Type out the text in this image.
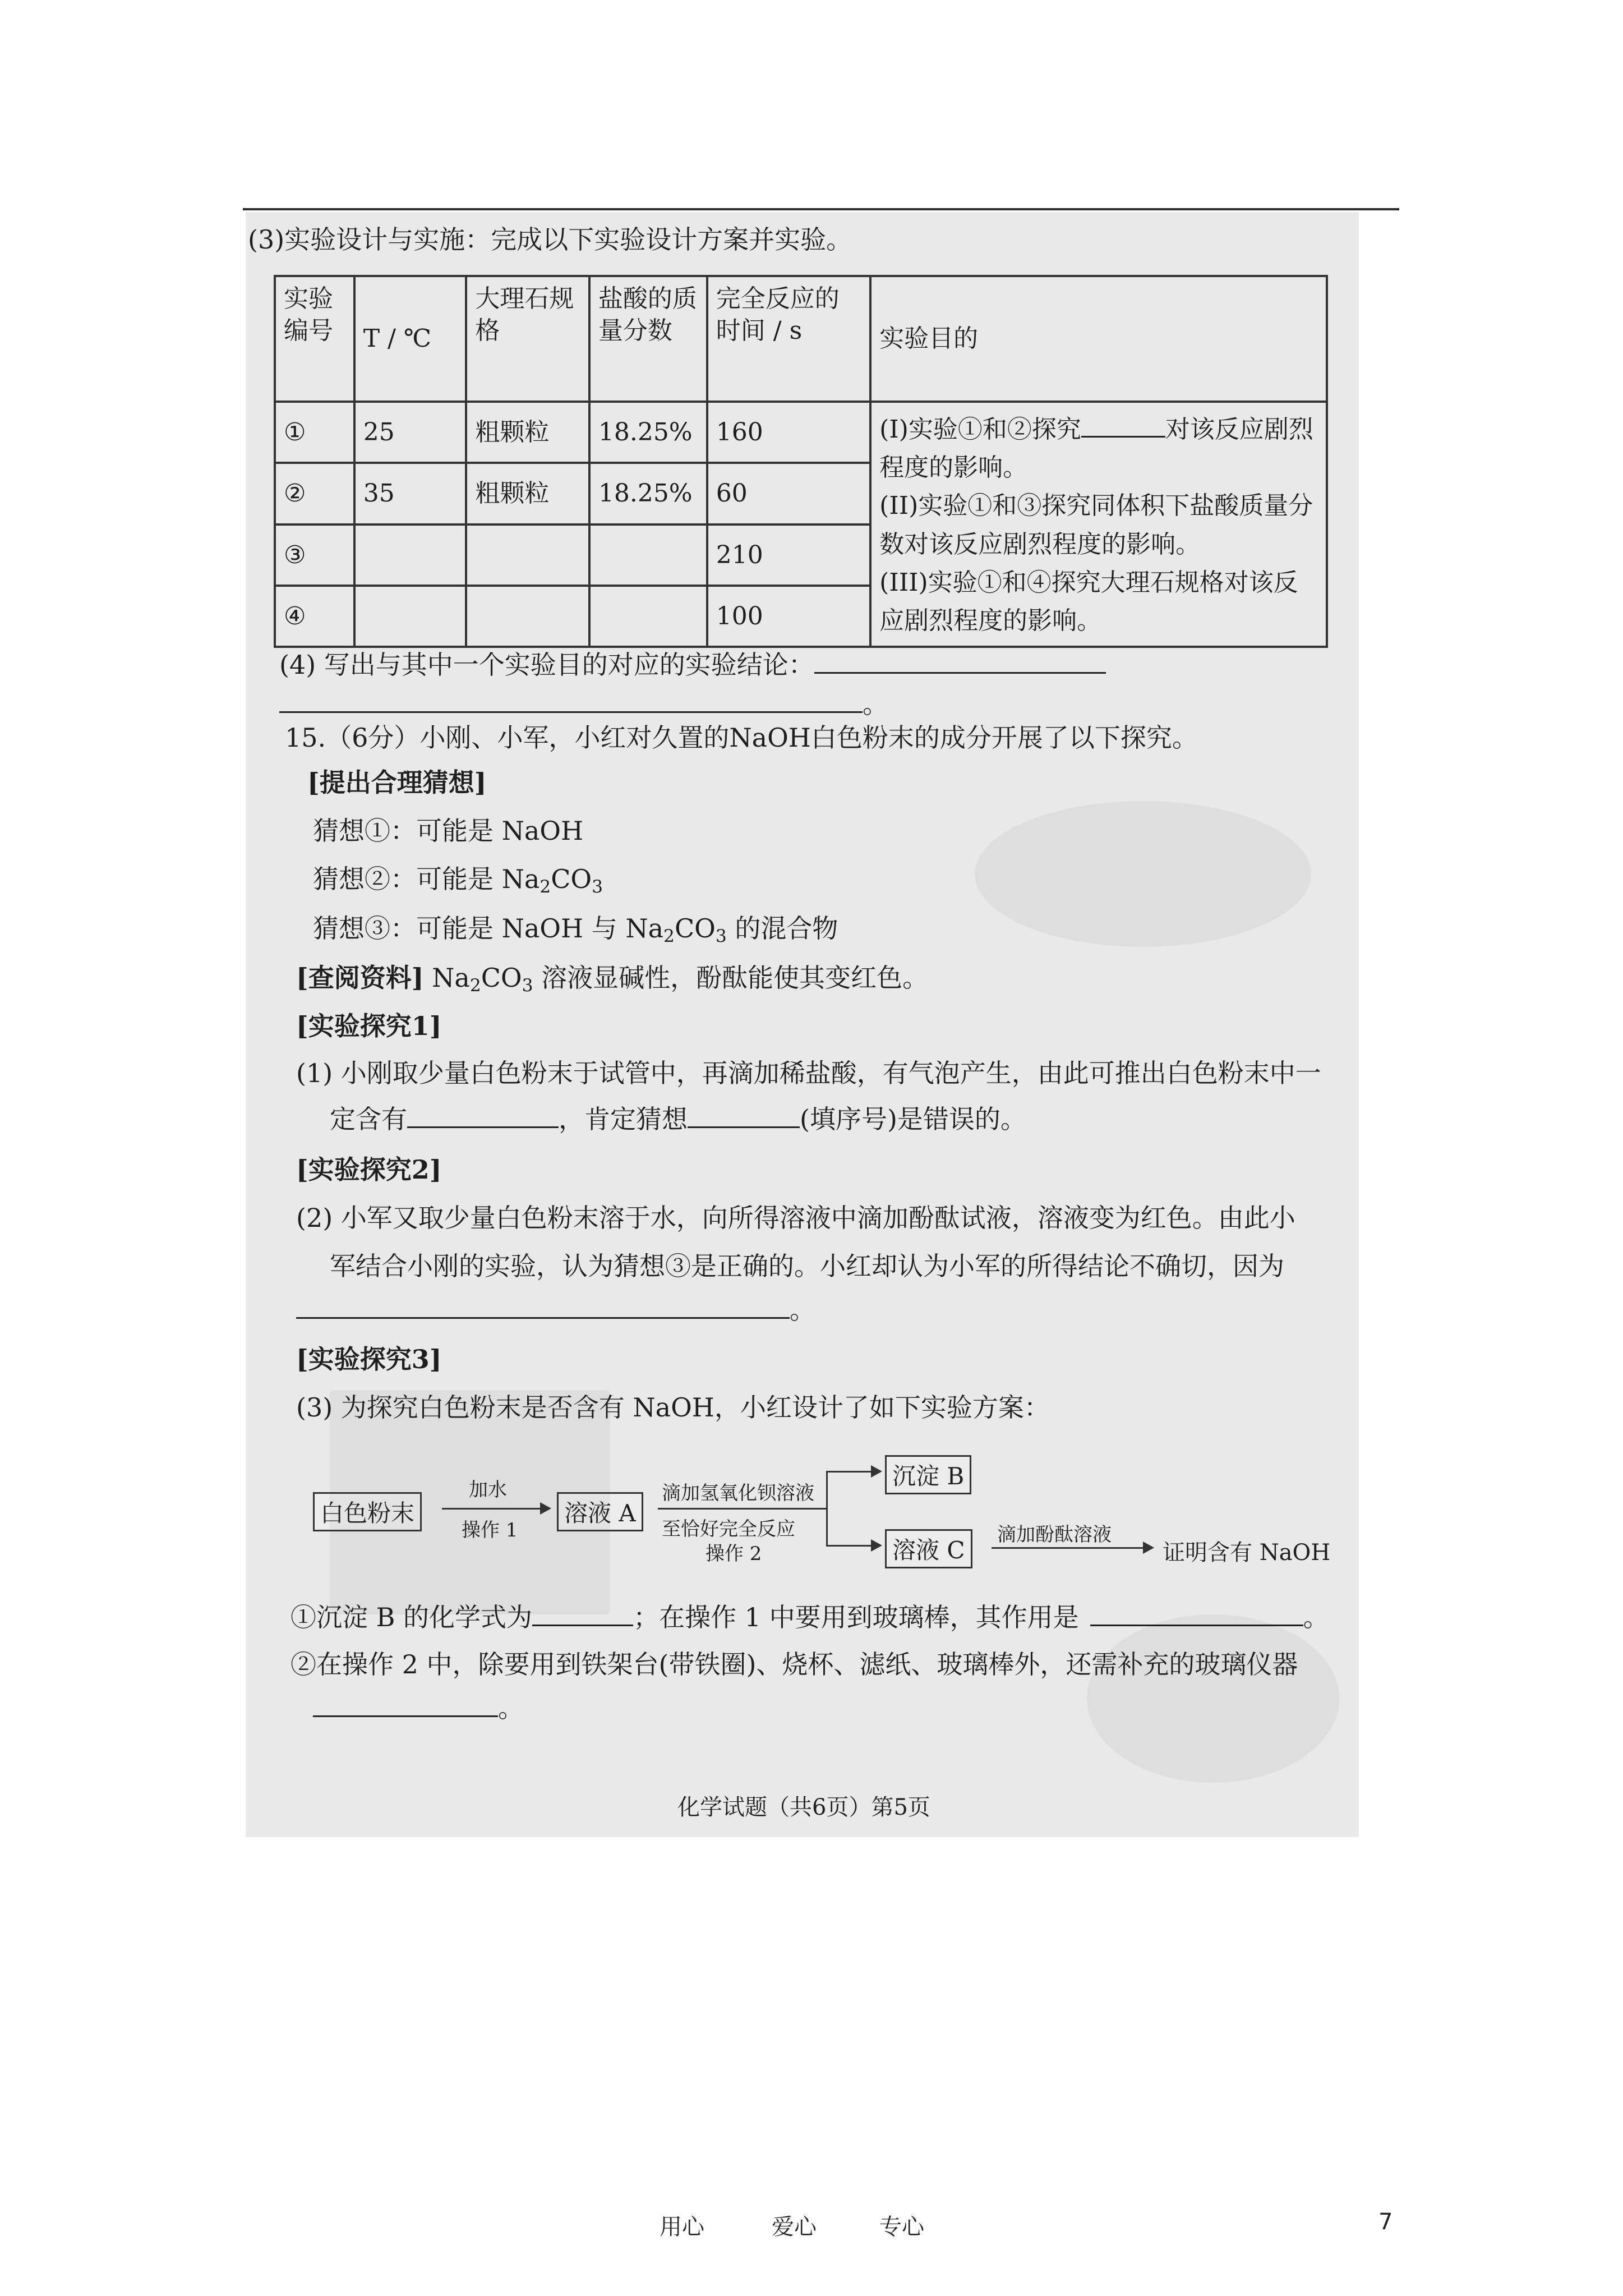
(3)实验设计与实施：完成以下实验设计方案并实验。
实验编号	T / ℃	大理石规格	盐酸的质量分数	完全反应的时间 / s	实验目的
①	25	粗颗粒	18.25%	160	(I)实验①和②探究 对该反应剧烈程度的影响。
(II)实验①和③探究同体积下盐酸质量分数对该反应剧烈程度的影响。
(III)实验①和④探究大理石规格对该反应剧烈程度的影响。
②	35	粗颗粒	18.25%	60	
③				210	
④				100	
(4) 写出与其中一个实验目的对应的实验结论：
。
15.（6分）小刚、小军，小红对久置的NaOH白色粉末的成分开展了以下探究。
[提出合理猜想]
猜想①：可能是 NaOH
猜想②：可能是 $Na_2CO_3$
猜想③：可能是 NaOH 与 $Na_2CO_3$ 的混合物
[查阅资料] $Na_2CO_3$ 溶液显碱性，酚酞能使其变红色。
[实验探究1]
(1) 小刚取少量白色粉末于试管中，再滴加稀盐酸，有气泡产生，由此可推出白色粉末中一
定含有	，肯定猜想	(填序号)是错误的。
[实验探究2]
(2) 小军又取少量白色粉末溶于水，向所得溶液中滴加酚酞试液，溶液变为红色。由此小
军结合小刚的实验，认为猜想③是正确的。小红却认为小军的所得结论不确切，因为
。
[实验探究3]
(3) 为探究白色粉末是否含有 NaOH，小红设计了如下实验方案：
白色粉末
加水
操作 1
溶液 A
滴加氢氧化钡溶液
至恰好完全反应
操作 2
沉淀 B
溶液 C
滴加酚酞溶液
证明含有 NaOH
①沉淀 B 的化学式为	；在操作 1 中要用到玻璃棒，其作用是	。
②在操作 2 中，除要用到铁架台(带铁圈)、烧杯、滤纸、玻璃棒外，还需补充的玻璃仪器
。
化学试题（共6页）第5页
用心	爱心	专心	7
